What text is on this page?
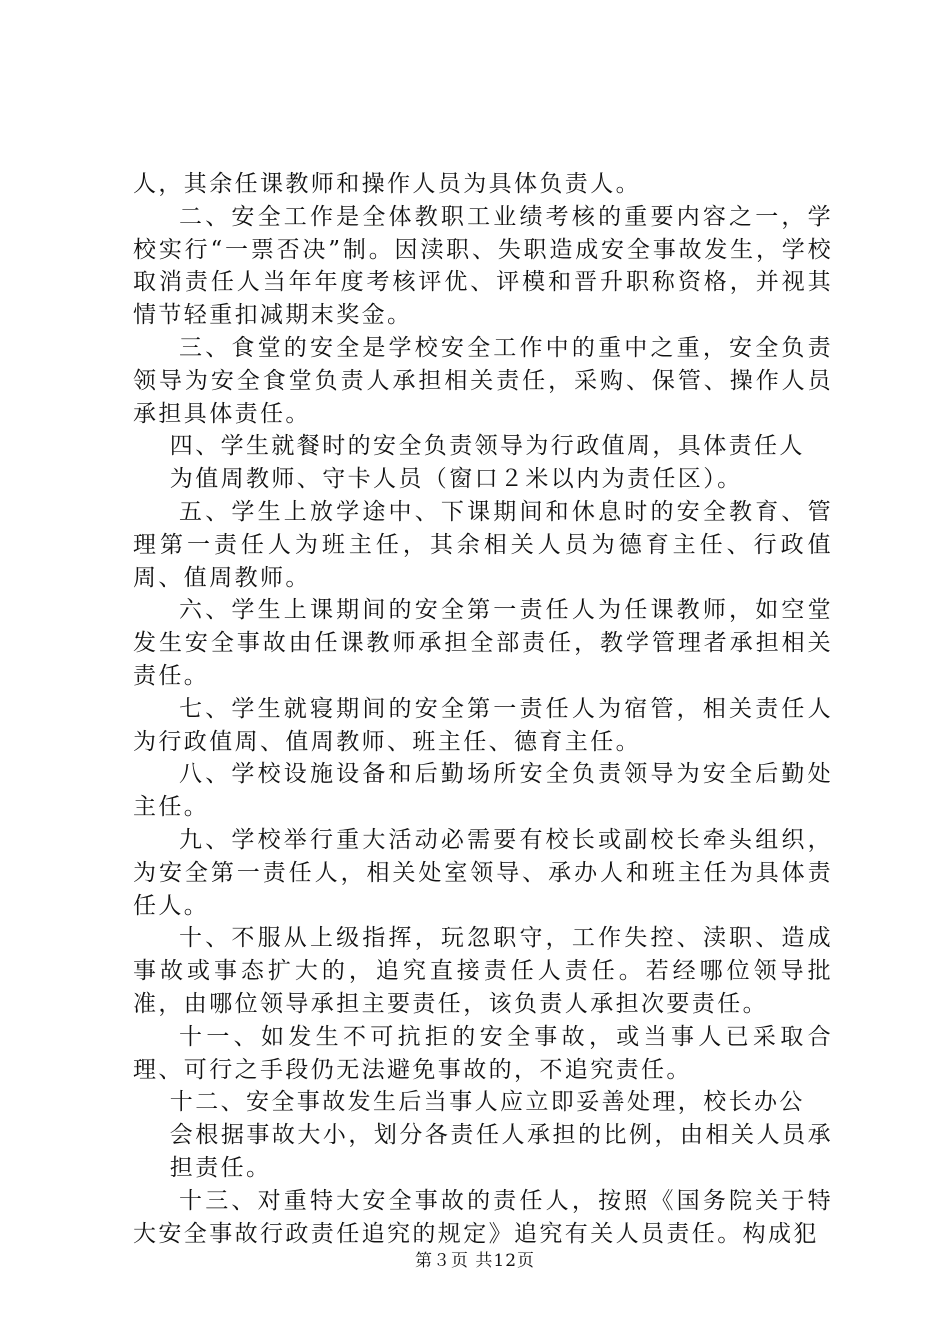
人，其余任课教师和操作人员为具体负责人。

二、安全工作是全体教职工业绩考核的重要内容之一，学校实行“一票否决”制。因渎职、失职造成安全事故发生，学校取消责任人当年年度考核评优、评模和晋升职称资格，并视其情节轻重扣减期末奖金。

三、食堂的安全是学校安全工作中的重中之重，安全负责领导为安全食堂负责人承担相关责任，采购、保管、操作人员承担具体责任。

四、学生就餐时的安全负责领导为行政值周，具体责任人

为值周教师、守卡人员（窗口２米以内为责任区）。

五、学生上放学途中、下课期间和休息时的安全教育、管理第一责任人为班主任，其余相关人员为德育主任、行政值周、值周教师。

六、学生上课期间的安全第一责任人为任课教师，如空堂发生安全事故由任课教师承担全部责任，教学管理者承担相关责任。

七、学生就寝期间的安全第一责任人为宿管，相关责任人为行政值周、值周教师、班主任、德育主任。

八、学校设施设备和后勤场所安全负责领导为安全后勤处主任。

九、学校举行重大活动必需要有校长或副校长牵头组织，为安全第一责任人，相关处室领导、承办人和班主任为具体责任人。

十、不服从上级指挥，玩忽职守，工作失控、渎职、造成事故或事态扩大的，追究直接责任人责任。若经哪位领导批准，由哪位领导承担主要责任，该负责人承担次要责任。

十一、如发生不可抗拒的安全事故，或当事人已采取合理、可行之手段仍无法避免事故的，不追究责任。

十二、安全事故发生后当事人应立即妥善处理，校长办公

会根据事故大小，划分各责任人承担的比例，由相关人员承担责任。

十三、对重特大安全事故的责任人，按照《国务院关于特大安全事故行政责任追究的规定》追究有关人员责任。构成犯

第３页 共12页
